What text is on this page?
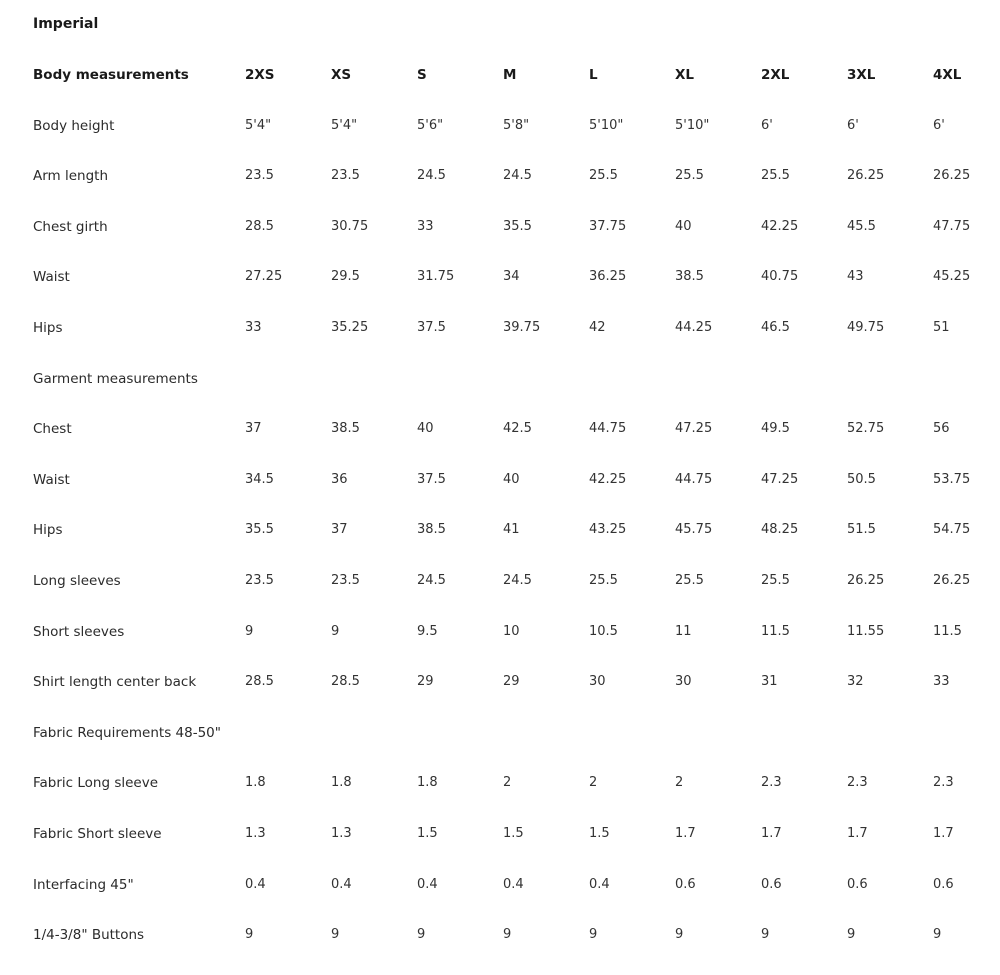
Imperial
Body measurements	2XS	XS	S	M	L	XL	2XL	3XL	4XL
Body height	5'4"	5'4"	5'6"	5'8"	5'10"	5'10"	6'	6'	6'
Arm length	23.5	23.5	24.5	24.5	25.5	25.5	25.5	26.25	26.25
Chest girth	28.5	30.75	33	35.5	37.75	40	42.25	45.5	47.75
Waist	27.25	29.5	31.75	34	36.25	38.5	40.75	43	45.25
Hips	33	35.25	37.5	39.75	42	44.25	46.5	49.75	51
Garment measurements
Chest	37	38.5	40	42.5	44.75	47.25	49.5	52.75	56
Waist	34.5	36	37.5	40	42.25	44.75	47.25	50.5	53.75
Hips	35.5	37	38.5	41	43.25	45.75	48.25	51.5	54.75
Long sleeves	23.5	23.5	24.5	24.5	25.5	25.5	25.5	26.25	26.25
Short sleeves	9	9	9.5	10	10.5	11	11.5	11.55	11.5
Shirt length center back	28.5	28.5	29	29	30	30	31	32	33
Fabric Requirements 48-50"
Fabric Long sleeve	1.8	1.8	1.8	2	2	2	2.3	2.3	2.3
Fabric Short sleeve	1.3	1.3	1.5	1.5	1.5	1.7	1.7	1.7	1.7
Interfacing 45"	0.4	0.4	0.4	0.4	0.4	0.6	0.6	0.6	0.6
1/4-3/8" Buttons	9	9	9	9	9	9	9	9	9
